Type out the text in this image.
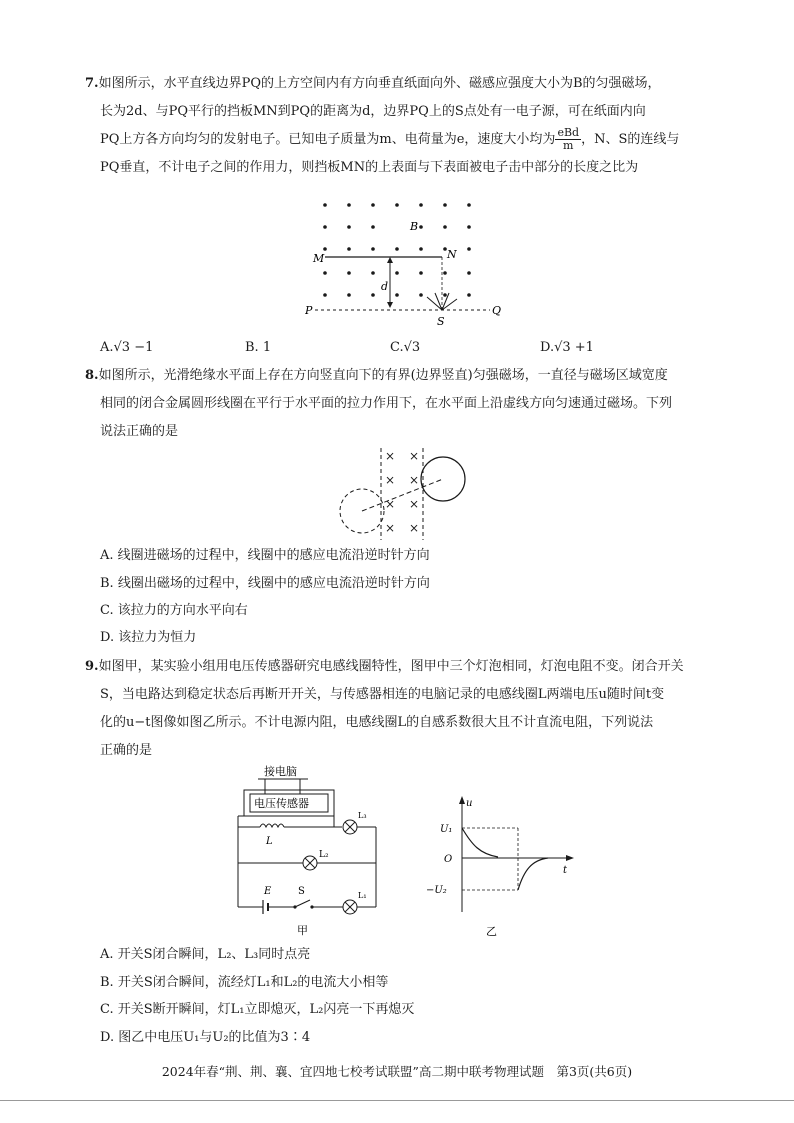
7.如图所示，水平直线边界PQ的上方空间内有方向垂直纸面向外、磁感应强度大小为B的匀强磁场，
长为2d、与PQ平行的挡板MN到PQ的距离为d，边界PQ上的S点处有一电子源，可在纸面内向
PQ上方各方向均匀的发射电子。已知电子质量为m、电荷量为e，速度大小均为 $\frac{\text{eBd}}{m}$ ，N、S的连线与
PQ垂直，不计电子之间的作用力，则挡板MN的上表面与下表面被电子击中部分的长度之比为
B
M	N
d
P
S
Q
A.√3 −1	B. 1	C.√3	D.√3 +1
8.如图所示，光滑绝缘水平面上存在方向竖直向下的有界(边界竖直)匀强磁场，一直径与磁场区域宽度
相同的闭合金属圆形线圈在平行于水平面的拉力作用下，在水平面上沿虚线方向匀速通过磁场。下列
说法正确的是
× ×
× ×
× ×
× ×
A. 线圈进磁场的过程中，线圈中的感应电流沿逆时针方向
B. 线圈出磁场的过程中，线圈中的感应电流沿逆时针方向
C. 该拉力的方向水平向右
D. 该拉力为恒力
9.如图甲，某实验小组用电压传感器研究电感线圈特性，图甲中三个灯泡相同，灯泡电阻不变。闭合开关
S，当电路达到稳定状态后再断开开关，与传感器相连的电脑记录的电感线圈L两端电压u随时间t变
化的u−t图像如图乙所示。不计电源内阻，电感线圈L的自感系数很大且不计直流电阻，下列说法
正确的是
接电脑
电压传感器
L
L₃
L₂
E	S	L₁
甲
u
t
O
U₁
−U₂
乙
A. 开关S闭合瞬间，L₂、L₃同时点亮
B. 开关S闭合瞬间，流经灯L₁和L₂的电流大小相等
C. 开关S断开瞬间，灯L₁立即熄灭，L₂闪亮一下再熄灭
D. 图乙中电压U₁与U₂的比值为3∶4
2024年春“荆、荆、襄、宜四地七校考试联盟”高二期中联考物理试题　第3页(共6页)
